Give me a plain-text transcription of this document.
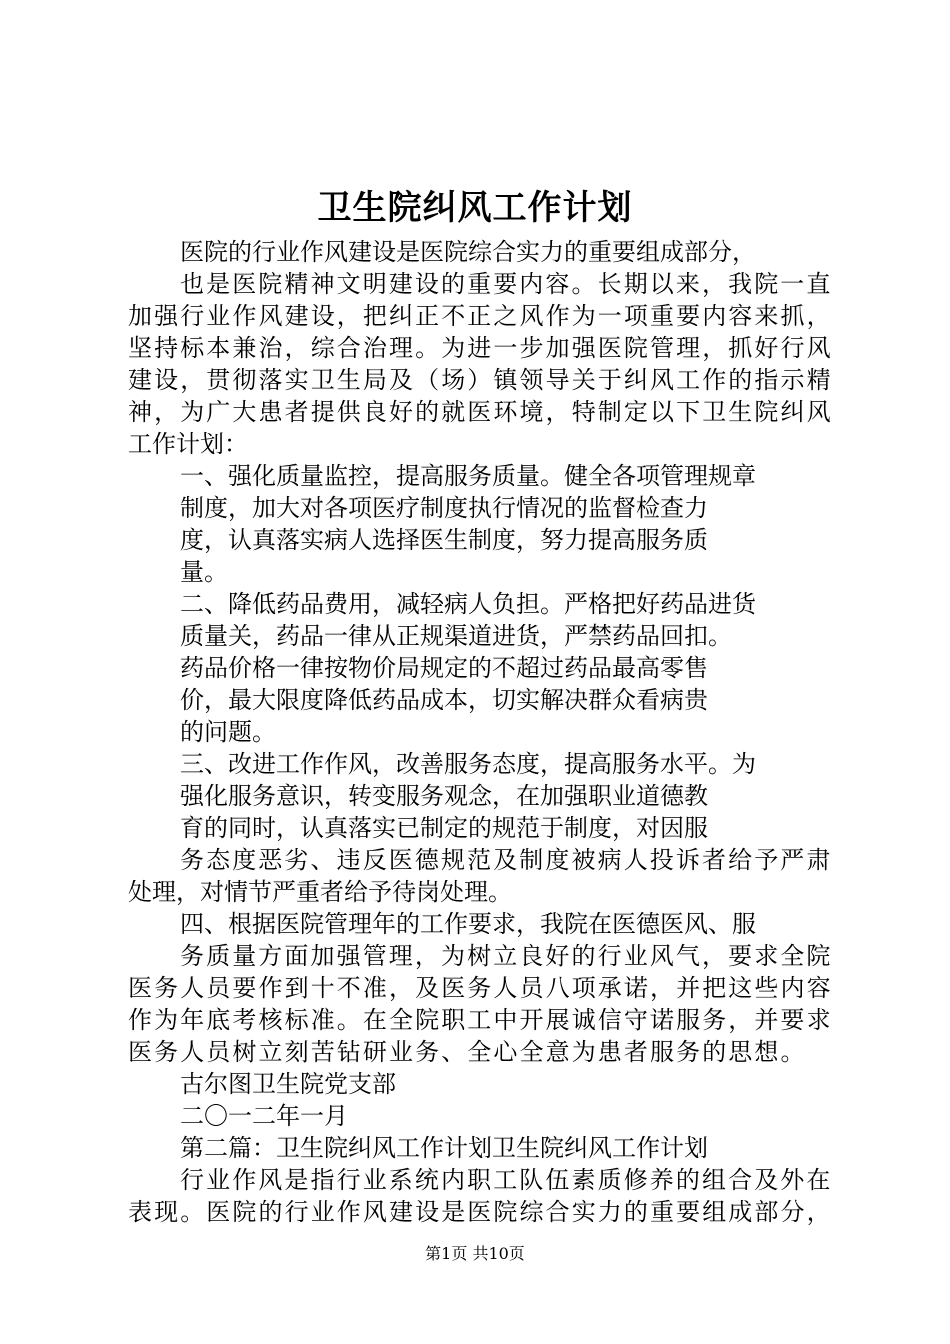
卫生院纠风工作计划
医院的行业作风建设是医院综合实力的重要组成部分，
也是医院精神文明建设的重要内容。长期以来，我院一直
加强行业作风建设，把纠正不正之风作为一项重要内容来抓，
坚持标本兼治，综合治理。为进一步加强医院管理，抓好行风
建设，贯彻落实卫生局及（场）镇领导关于纠风工作的指示精
神，为广大患者提供良好的就医环境，特制定以下卫生院纠风
工作计划：
一、强化质量监控，提高服务质量。健全各项管理规章
制度，加大对各项医疗制度执行情况的监督检查力
度，认真落实病人选择医生制度，努力提高服务质
量。
二、降低药品费用，减轻病人负担。严格把好药品进货
质量关，药品一律从正规渠道进货，严禁药品回扣。
药品价格一律按物价局规定的不超过药品最高零售
价，最大限度降低药品成本，切实解决群众看病贵
的问题。
三、改进工作作风，改善服务态度，提高服务水平。为
强化服务意识，转变服务观念，在加强职业道德教
育的同时，认真落实已制定的规范于制度，对因服
务态度恶劣、违反医德规范及制度被病人投诉者给予严肃
处理，对情节严重者给予待岗处理。
四、根据医院管理年的工作要求，我院在医德医风、服
务质量方面加强管理，为树立良好的行业风气，要求全院
医务人员要作到十不准，及医务人员八项承诺，并把这些内容
作为年底考核标准。在全院职工中开展诚信守诺服务，并要求
医务人员树立刻苦钻研业务、全心全意为患者服务的思想。
古尔图卫生院党支部
二〇一二年一月
第二篇：卫生院纠风工作计划卫生院纠风工作计划
行业作风是指行业系统内职工队伍素质修养的组合及外在
表现。医院的行业作风建设是医院综合实力的重要组成部分，
第1页 共10页
